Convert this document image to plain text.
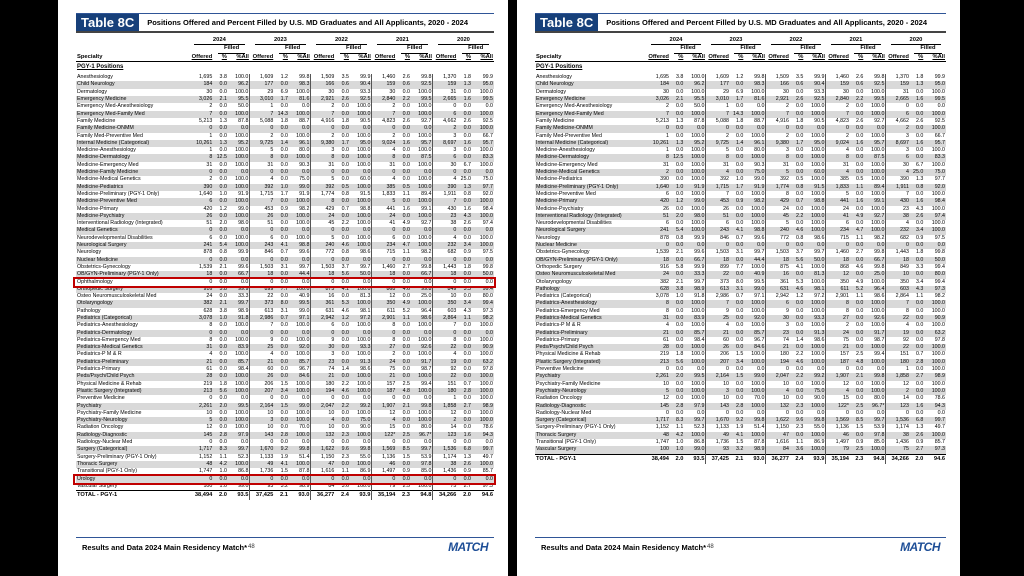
Table 8C	Positions Offered and Percent Filled by U.S. MD Graduates and All Applicants, 2020 - 2024
	2024			2023			2022			2021			2020		
		Filled			Filled			Filled			Filled			Filled	
Specialty	Offered	%	%All	Offered	%	%All	Offered	%	%All	Offered	%	%All	Offered	%	%All
PGY-1 Positions															
Anesthesiology	1,695	3.8	100.0	1,609	1.2	99.8	1,509	3.5	99.9	1,460	2.6	99.8	1,370	1.8	99.9
Child Neurology	184	0.0	96.2	177	0.0	98.3	166	0.6	90.4	159	0.6	92.5	159	1.3	95.0
Dermatology	30	0.0	100.0	29	6.9	100.0	30	0.0	93.3	30	0.0	100.0	31	0.0	100.0
Emergency Medicine	3,026	2.1	95.5	3,010	1.7	81.6	2,921	2.6	92.5	2,840	2.2	99.5	2,665	1.6	99.5
Emergency Med-Anesthesiology	2	0.0	50.0	1	0.0	0.0	2	0.0	100.0	2	0.0	100.0	0	0.0	0.0
Emergency Med-Family Med	7	0.0	100.0	7	14.3	100.0	7	0.0	100.0	7	0.0	100.0	6	0.0	100.0
Family Medicine	5,213	1.3	87.8	5,088	1.8	88.7	4,916	1.8	90.5	4,823	2.6	92.7	4,662	2.6	92.5
Family Medicine-ONMM	0	0.0	0.0	0	0.0	0.0	0	0.0	0.0	0	0.0	0.0	2	0.0	100.0
Family Med-Preventive Med	1	0.0	100.0	2	0.0	100.0	2	0.0	100.0	2	0.0	100.0	3	0.0	66.7
Internal Medicine (Categorical)	10,261	1.3	95.2	9,725	1.4	96.1	9,380	1.7	95.0	9,024	1.6	95.7	8,697	1.6	95.7
Medicine-Anesthesiology	1	0.0	100.0	5	0.0	80.0	3	0.0	100.0	4	0.0	100.0	3	0.0	100.0
Medicine-Dermatology	8	12.5	100.0	8	0.0	100.0	8	0.0	100.0	8	0.0	87.5	6	0.0	83.3
Medicine-Emergency Med	31	0.0	100.0	31	0.0	90.3	31	0.0	100.0	31	0.0	100.0	30	6.7	100.0
Medicine-Family Medicine	0	0.0	0.0	0	0.0	0.0	0	0.0	0.0	0	0.0	0.0	0	0.0	0.0
Medicine-Medical Genetics	2	0.0	100.0	4	0.0	75.0	5	0.0	60.0	4	0.0	100.0	4	25.0	75.0
Medicine-Pediatrics	390	0.0	100.0	392	1.0	99.0	392	0.5	100.0	385	0.5	100.0	390	1.3	97.7
Medicine-Preliminary (PGY-1 Only)	1,640	1.0	91.9	1,715	1.7	91.9	1,774	0.8	91.5	1,833	1.1	89.4	1,911	0.8	92.0
Medicine-Preventive Med	6	0.0	100.0	7	0.0	100.0	8	0.0	100.0	5	0.0	100.0	7	0.0	100.0
Medicine-Primary	420	1.2	99.0	453	0.9	98.2	429	0.7	98.8	441	1.6	99.1	430	1.6	98.4
Medicine-Psychiatry	26	0.0	100.0	26	0.0	100.0	24	0.0	100.0	24	0.0	100.0	23	4.3	100.0
Interventional Radiology (Integrated)	51	2.0	98.0	51	0.0	100.0	45	2.2	100.0	41	4.9	92.7	38	2.6	97.4
Medical Genetics	0	0.0	0.0	0	0.0	0.0	0	0.0	0.0	0	0.0	0.0	0	0.0	0.0
Neurodevelopmental Disabilities	6	0.0	100.0	6	0.0	100.0	5	0.0	100.0	6	0.0	100.0	4	0.0	100.0
Neurological Surgery	241	5.4	100.0	243	4.1	98.8	240	4.6	100.0	234	4.7	100.0	232	3.4	100.0
Neurology	878	0.8	99.9	846	0.7	99.6	772	0.8	98.6	715	1.1	98.2	682	0.9	97.5
Nuclear Medicine	0	0.0	0.0	0	0.0	0.0	0	0.0	0.0	0	0.0	0.0	0	0.0	0.0
Obstetrics-Gynecology	1,539	2.1	99.6	1,503	3.1	99.7	1,503	3.7	99.7	1,460	2.7	99.8	1,443	1.8	99.8
OB/GYN-Preliminary (PGY-1 Only)	18	0.0	66.7	18	0.0	44.4	18	5.6	50.0	18	0.0	66.7	18	0.0	50.0
Ophthalmology	0	0.0	0.0	0	0.0	0.0	0	0.0	0.0	0	0.0	0.0	0	0.0	0.0
Orthopedic Surgery	916	5.8	99.9	899	7.7	100.0	875	4.1	100.0	868	4.6	99.8	849	3.3	99.4
Osteo Neuromusculoskeletal Med	24	0.0	33.3	22	0.0	40.9	16	0.0	81.3	12	0.0	25.0	10	0.0	80.0
Otolaryngology	382	2.1	99.7	373	8.0	99.5	361	5.3	100.0	350	4.9	100.0	350	3.4	99.4
Pathology	628	3.8	98.9	613	3.1	99.0	631	4.6	98.1	611	5.2	96.4	603	4.3	97.3
Pediatrics (Categorical)	3,078	1.0	91.8	2,986	0.7	97.1	2,942	1.2	97.2	2,901	1.1	98.6	2,864	1.1	98.2
Pediatrics-Anesthesiology	8	0.0	100.0	7	0.0	100.0	6	0.0	100.0	8	0.0	100.0	7	0.0	100.0
Pediatrics-Dermatology	0	0.0	0.0	0	0.0	0.0	0	0.0	0.0	0	0.0	0.0	0	0.0	0.0
Pediatrics-Emergency Med	8	0.0	100.0	9	0.0	100.0	9	0.0	100.0	8	0.0	100.0	8	0.0	100.0
Pediatrics-Medical Genetics	31	0.0	83.9	25	0.0	92.0	30	0.0	93.3	27	0.0	92.6	22	0.0	90.9
Pediatrics-P M & R	4	0.0	100.0	4	0.0	100.0	3	0.0	100.0	2	0.0	100.0	4	0.0	100.0
Pediatrics-Preliminary	21	0.0	85.7	21	0.0	85.7	23	0.0	91.3	24	0.0	91.7	19	0.0	63.2
Pediatrics-Primary	61	0.0	98.4	60	0.0	96.7	74	1.4	98.6	75	0.0	98.7	92	0.0	97.8
Peds/Psych/Child Psych	28	0.0	100.0	26	0.0	84.6	21	0.0	100.0	21	0.0	100.0	22	0.0	100.0
Physical Medicine & Rehab	219	1.8	100.0	206	1.5	100.0	180	2.2	100.0	157	2.5	99.4	151	0.7	100.0
Plastic Surgery (Integrated)	213	5.6	100.0	207	3.4	100.0	194	4.6	100.0	187	4.8	100.0	180	2.8	100.0
Preventive Medicine	0	0.0	0.0	0	0.0	0.0	0	0.0	0.0	0	0.0	0.0	1	0.0	100.0
Psychiatry	2,261	2.0	99.5	2,164	1.5	99.0	2,047	2.2	99.2	1,907	2.1	99.8	1,858	2.7	98.9
Psychiatry-Family Medicine	10	0.0	100.0	10	0.0	100.0	10	0.0	100.0	12	0.0	100.0	12	0.0	100.0
Psychiatry-Neurology	5	0.0	100.0	3	0.0	100.0	4	0.0	75.0	4	0.0	100.0	2	0.0	100.0
Radiation Oncology	12	0.0	100.0	10	0.0	70.0	10	0.0	90.0	15	0.0	80.0	14	0.0	78.6
Radiology-Diagnostic	145	2.8	97.9	143	2.8	100.0	132	2.3	100.0	122*	2.5	96.7*	123	1.6	94.3
Radiology-Nuclear Med	0	0.0	0.0	0	0.0	0.0	0	0.0	0.0	0	0.0	0.0	0	0.0	0.0
Surgery (Categorical)	1,717	8.3	99.7	1,670	9.2	99.8	1,622	9.6	99.8	1,569	8.5	99.7	1,536	6.8	99.7
Surgery-Preliminary (PGY-1 Only)	1,152	1.1	52.3	1,133	1.9	51.4	1,150	2.3	55.0	1,136	1.5	53.9	1,174	1.3	49.7
Thoracic Surgery	48	4.2	100.0	49	4.1	100.0	47	0.0	100.0	46	0.0	97.8	38	2.6	100.0
Transitional (PGY-1 Only)	1,747	1.0	86.8	1,736	1.5	87.8	1,616	1.1	86.9	1,497	0.9	85.0	1,436	0.9	85.7
Urology	0	0.0	0.0	0	0.0	0.0	0	0.0	0.0	0	0.0	0.0	0	0.0	0.0
Vascular Surgery	100	1.0	99.0	93	3.2	98.9	84	3.6	100.0	79	2.5	100.0	75	2.7	97.3
TOTAL - PGY-1	38,494	2.0	93.5	37,425	2.1	93.0	36,277	2.4	93.9	35,194	2.3	94.8	34,266	2.0	94.6
Results and Data 2024 Main Residency Match* 48	MATCH
Table 8C	Positions Offered and Percent Filled by U.S. MD Graduates and All Applicants, 2020 - 2024
	2024			2023			2022			2021			2020		
		Filled			Filled			Filled			Filled			Filled	
Specialty	Offered	%	%All	Offered	%	%All	Offered	%	%All	Offered	%	%All	Offered	%	%All
PGY-1 Positions															
Anesthesiology	1,695	3.8	100.0	1,609	1.2	99.8	1,509	3.5	99.9	1,460	2.6	99.8	1,370	1.8	99.9
Child Neurology	184	0.0	96.2	177	0.0	98.3	166	0.6	90.4	159	0.6	92.5	159	1.3	95.0
Dermatology	30	0.0	100.0	29	6.9	100.0	30	0.0	93.3	30	0.0	100.0	31	0.0	100.0
Emergency Medicine	3,026	2.1	95.5	3,010	1.7	81.6	2,921	2.6	92.5	2,840	2.2	99.5	2,665	1.6	99.5
Emergency Med-Anesthesiology	2	0.0	50.0	1	0.0	0.0	2	0.0	100.0	2	0.0	100.0	0	0.0	0.0
Emergency Med-Family Med	7	0.0	100.0	7	14.3	100.0	7	0.0	100.0	7	0.0	100.0	6	0.0	100.0
Family Medicine	5,213	1.3	87.8	5,088	1.8	88.7	4,916	1.8	90.5	4,823	2.6	92.7	4,662	2.6	92.5
Family Medicine-ONMM	0	0.0	0.0	0	0.0	0.0	0	0.0	0.0	0	0.0	0.0	2	0.0	100.0
Family Med-Preventive Med	1	0.0	100.0	2	0.0	100.0	2	0.0	100.0	2	0.0	100.0	3	0.0	66.7
Internal Medicine (Categorical)	10,261	1.3	95.2	9,725	1.4	96.1	9,380	1.7	95.0	9,024	1.6	95.7	8,697	1.6	95.7
Medicine-Anesthesiology	1	0.0	100.0	5	0.0	80.0	3	0.0	100.0	4	0.0	100.0	3	0.0	100.0
Medicine-Dermatology	8	12.5	100.0	8	0.0	100.0	8	0.0	100.0	8	0.0	87.5	6	0.0	83.3
Medicine-Emergency Med	31	0.0	100.0	31	0.0	90.3	31	0.0	100.0	31	0.0	100.0	30	6.7	100.0
Medicine-Medical Genetics	2	0.0	100.0	4	0.0	75.0	5	0.0	60.0	4	0.0	100.0	4	25.0	75.0
Medicine-Pediatrics	390	0.0	100.0	392	1.0	99.0	392	0.5	100.0	385	0.5	100.0	390	1.3	97.7
Medicine-Preliminary (PGY-1 Only)	1,640	1.0	91.9	1,715	1.7	91.9	1,774	0.8	91.5	1,833	1.1	89.4	1,911	0.8	92.0
Medicine-Preventive Med	6	0.0	100.0	7	0.0	100.0	8	0.0	100.0	5	0.0	100.0	7	0.0	100.0
Medicine-Primary	420	1.2	99.0	453	0.9	98.2	429	0.7	98.8	441	1.6	99.1	430	1.6	98.4
Medicine-Psychiatry	26	0.0	100.0	26	0.0	100.0	24	0.0	100.0	24	0.0	100.0	23	4.3	100.0
Interventional Radiology (Integrated)	51	2.0	98.0	51	0.0	100.0	45	2.2	100.0	41	4.9	92.7	38	2.6	97.4
Neurodevelopmental Disabilities	6	0.0	100.0	6	0.0	100.0	5	0.0	100.0	6	0.0	100.0	4	0.0	100.0
Neurological Surgery	241	5.4	100.0	243	4.1	98.8	240	4.6	100.0	234	4.7	100.0	232	3.4	100.0
Neurology	878	0.8	99.9	846	0.7	99.6	772	0.8	98.6	715	1.1	98.2	682	0.9	97.5
Nuclear Medicine	0	0.0	0.0	0	0.0	0.0	0	0.0	0.0	0	0.0	0.0	0	0.0	0.0
Obstetrics-Gynecology	1,539	2.1	99.6	1,503	3.1	99.7	1,503	3.7	99.7	1,460	2.7	99.8	1,443	1.8	99.8
OB/GYN-Preliminary (PGY-1 Only)	18	0.0	66.7	18	0.0	44.4	18	5.6	50.0	18	0.0	66.7	18	0.0	50.0
Orthopedic Surgery	916	5.8	99.9	899	7.7	100.0	875	4.1	100.0	868	4.6	99.8	849	3.3	99.4
Osteo Neuromusculoskeletal Med	24	0.0	33.3	22	0.0	40.9	16	0.0	81.3	12	0.0	25.0	10	0.0	80.0
Otolaryngology	382	2.1	99.7	373	8.0	99.5	361	5.3	100.0	350	4.9	100.0	350	3.4	99.4
Pathology	628	3.8	98.9	613	3.1	99.0	631	4.6	98.1	611	5.2	96.4	603	4.3	97.3
Pediatrics (Categorical)	3,078	1.0	91.8	2,986	0.7	97.1	2,942	1.2	97.2	2,901	1.1	98.6	2,864	1.1	98.2
Pediatrics-Anesthesiology	8	0.0	100.0	7	0.0	100.0	6	0.0	100.0	8	0.0	100.0	7	0.0	100.0
Pediatrics-Emergency Med	8	0.0	100.0	9	0.0	100.0	9	0.0	100.0	8	0.0	100.0	8	0.0	100.0
Pediatrics-Medical Genetics	31	0.0	83.9	25	0.0	92.0	30	0.0	93.3	27	0.0	92.6	22	0.0	90.9
Pediatrics-P M & R	4	0.0	100.0	4	0.0	100.0	3	0.0	100.0	2	0.0	100.0	4	0.0	100.0
Pediatrics-Preliminary	21	0.0	85.7	21	0.0	85.7	23	0.0	91.3	24	0.0	91.7	19	0.0	63.2
Pediatrics-Primary	61	0.0	98.4	60	0.0	96.7	74	1.4	98.6	75	0.0	98.7	92	0.0	97.8
Peds/Psych/Child Psych	28	0.0	100.0	26	0.0	84.6	21	0.0	100.0	21	0.0	100.0	22	0.0	100.0
Physical Medicine & Rehab	219	1.8	100.0	206	1.5	100.0	180	2.2	100.0	157	2.5	99.4	151	0.7	100.0
Plastic Surgery (Integrated)	213	5.6	100.0	207	3.4	100.0	194	4.6	100.0	187	4.8	100.0	180	2.8	100.0
Preventive Medicine	0	0.0	0.0	0	0.0	0.0	0	0.0	0.0	0	0.0	0.0	1	0.0	100.0
Psychiatry	2,261	2.0	99.5	2,164	1.5	99.0	2,047	2.2	99.2	1,907	2.1	99.8	1,858	2.7	98.9
Psychiatry-Family Medicine	10	0.0	100.0	10	0.0	100.0	10	0.0	100.0	12	0.0	100.0	12	0.0	100.0
Psychiatry-Neurology	5	0.0	100.0	3	0.0	100.0	4	0.0	75.0	4	0.0	100.0	2	0.0	100.0
Radiation Oncology	12	0.0	100.0	10	0.0	70.0	10	0.0	90.0	15	0.0	80.0	14	0.0	78.6
Radiology-Diagnostic	145	2.8	97.9	143	2.8	100.0	132	2.3	100.0	122*	2.5	96.7*	123	1.6	94.3
Radiology-Nuclear Med	0	0.0	0.0	0	0.0	0.0	0	0.0	0.0	0	0.0	0.0	0	0.0	0.0
Surgery (Categorical)	1,717	8.3	99.7	1,670	9.2	99.8	1,622	9.6	99.8	1,569	8.5	99.7	1,536	6.8	99.7
Surgery-Preliminary (PGY-1 Only)	1,152	1.1	52.3	1,133	1.9	51.4	1,150	2.3	55.0	1,136	1.5	53.9	1,174	1.3	49.7
Thoracic Surgery	48	4.2	100.0	49	4.1	100.0	47	0.0	100.0	46	0.0	97.8	38	2.6	100.0
Transitional (PGY-1 Only)	1,747	1.0	86.8	1,736	1.5	87.8	1,616	1.1	86.9	1,497	0.9	85.0	1,436	0.9	85.7
Vascular Surgery	100	1.0	99.0	93	3.2	98.9	84	3.6	100.0	79	2.5	100.0	75	2.7	97.3
TOTAL - PGY-1	38,494	2.0	93.5	37,425	2.1	93.0	36,277	2.4	93.9	35,194	2.3	94.8	34,266	2.0	94.6
Results and Data 2024 Main Residency Match* 48	MATCH
